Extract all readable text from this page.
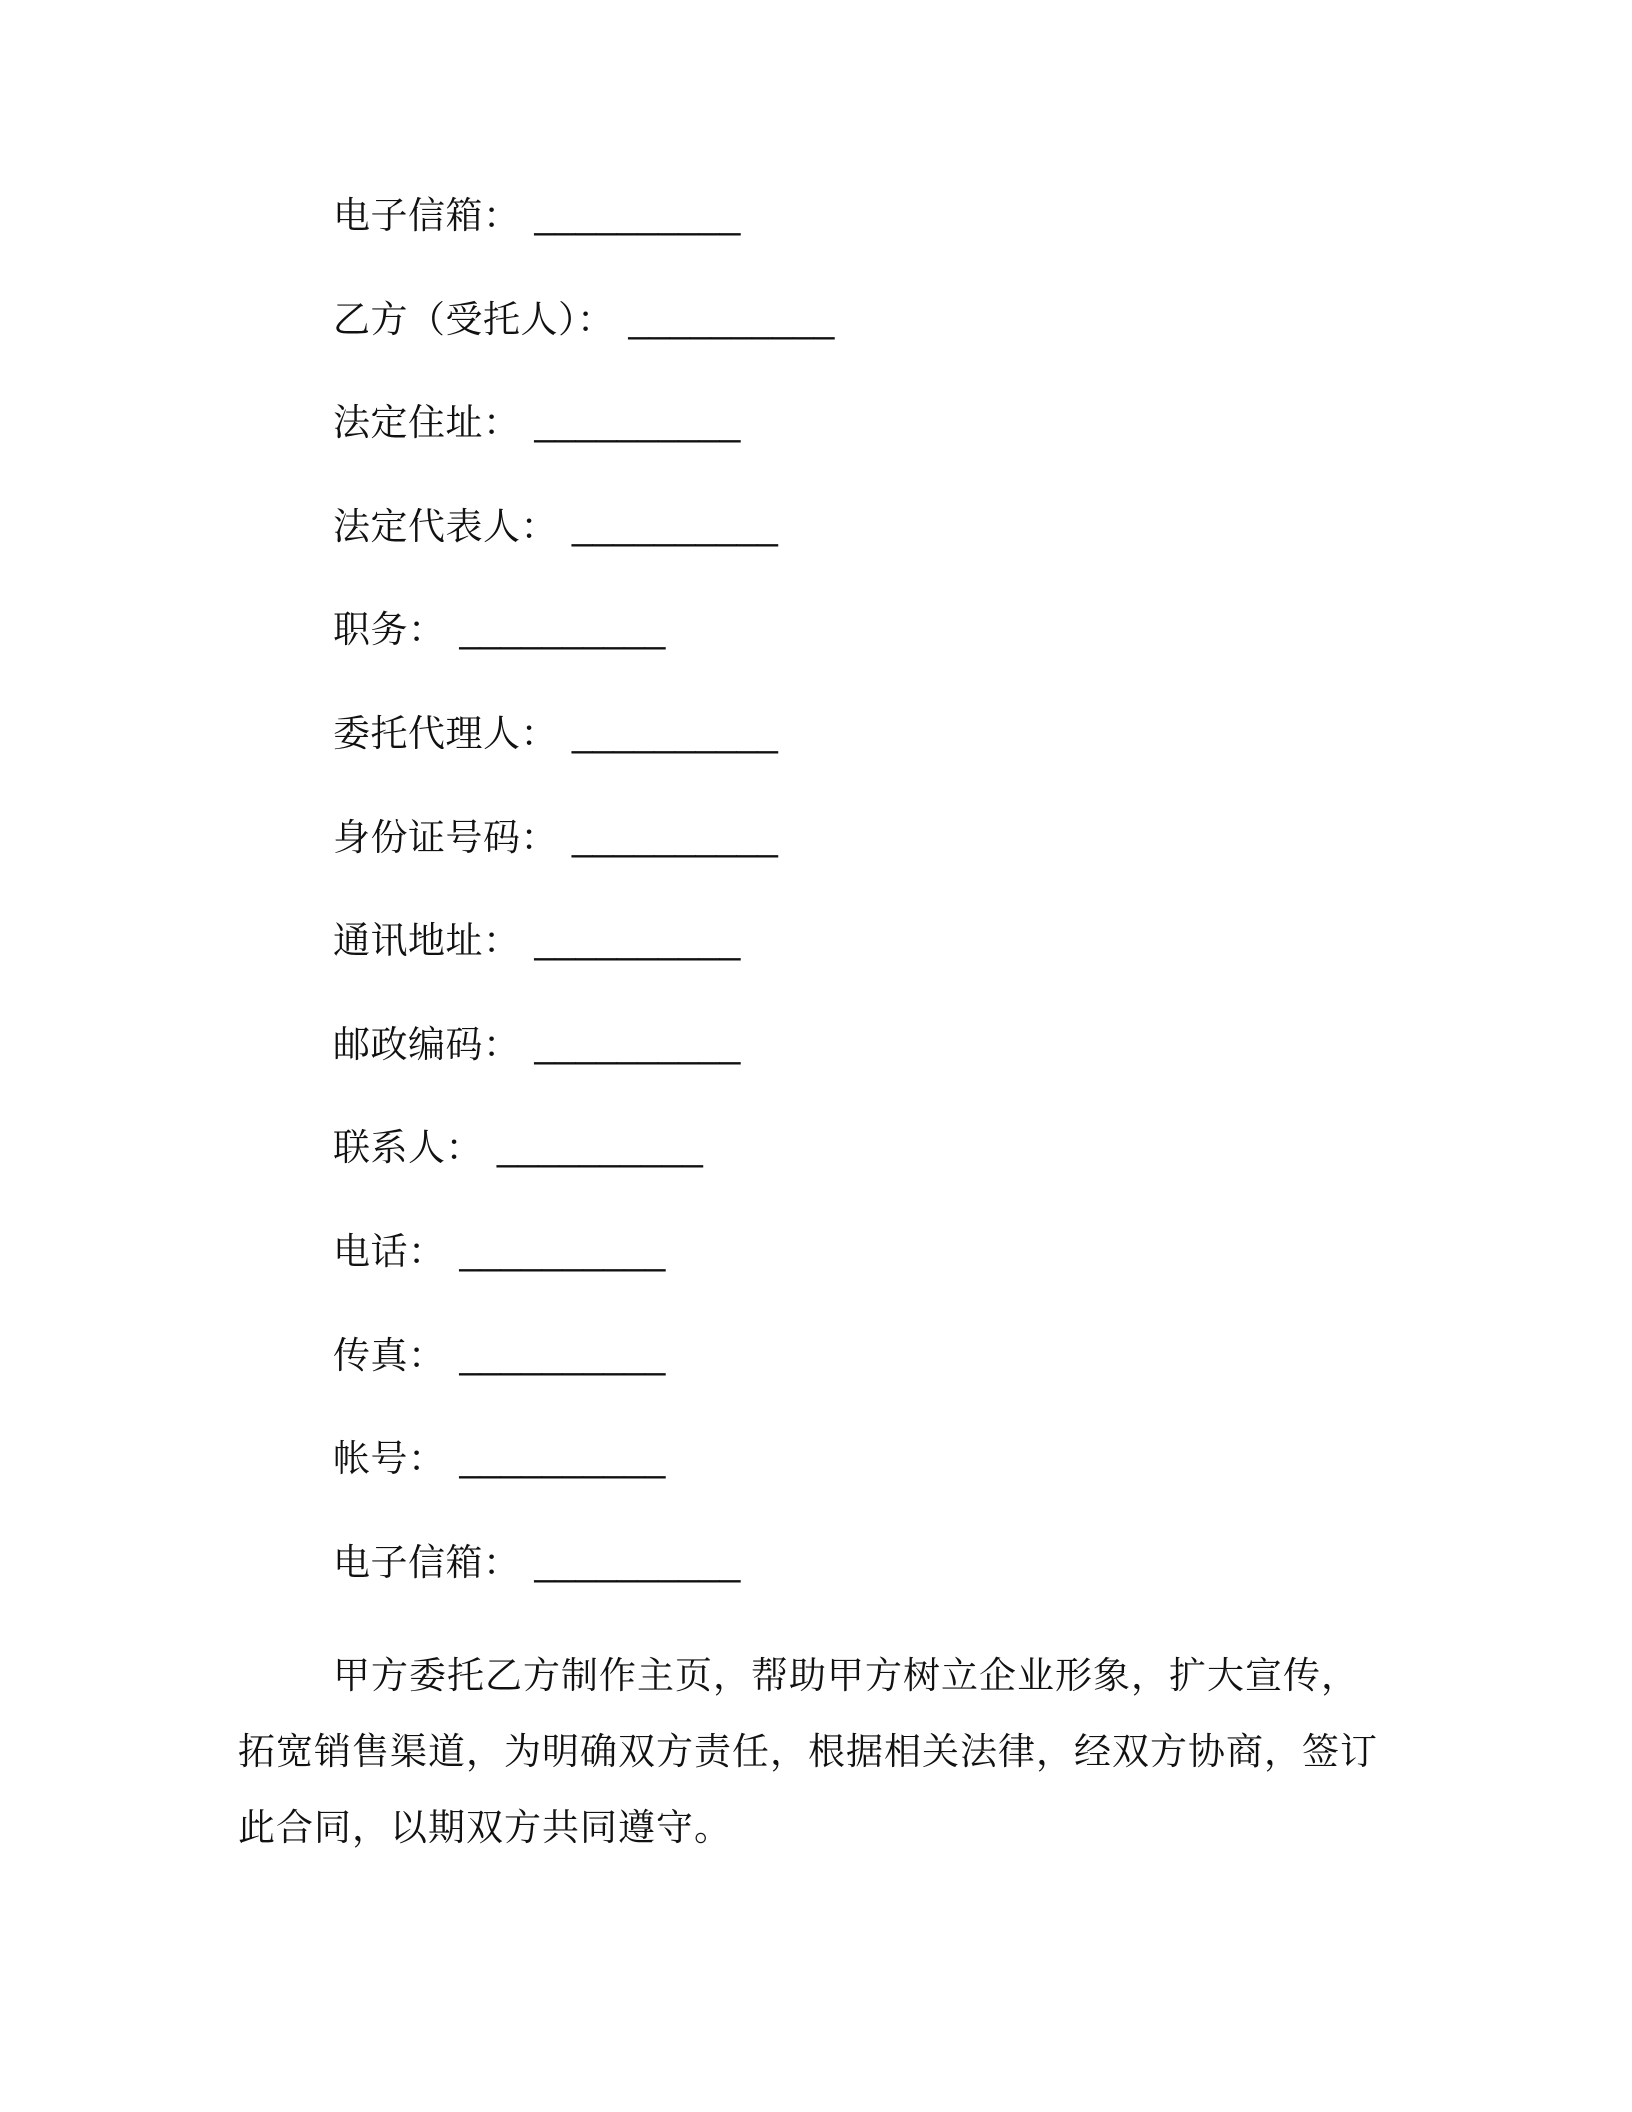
电子信箱： __________
乙方（受托人）： __________
法定住址： __________
法定代表人： __________
职务： __________
委托代理人： __________
身份证号码： __________
通讯地址： __________
邮政编码： __________
联系人： __________
电话： __________
传真： __________
帐号： __________
电子信箱： __________

甲方委托乙方制作主页，帮助甲方树立企业形象，扩大宣传，拓宽销售渠道，为明确双方责任，根据相关法律，经双方协商，签订此合同，以期双方共同遵守。
